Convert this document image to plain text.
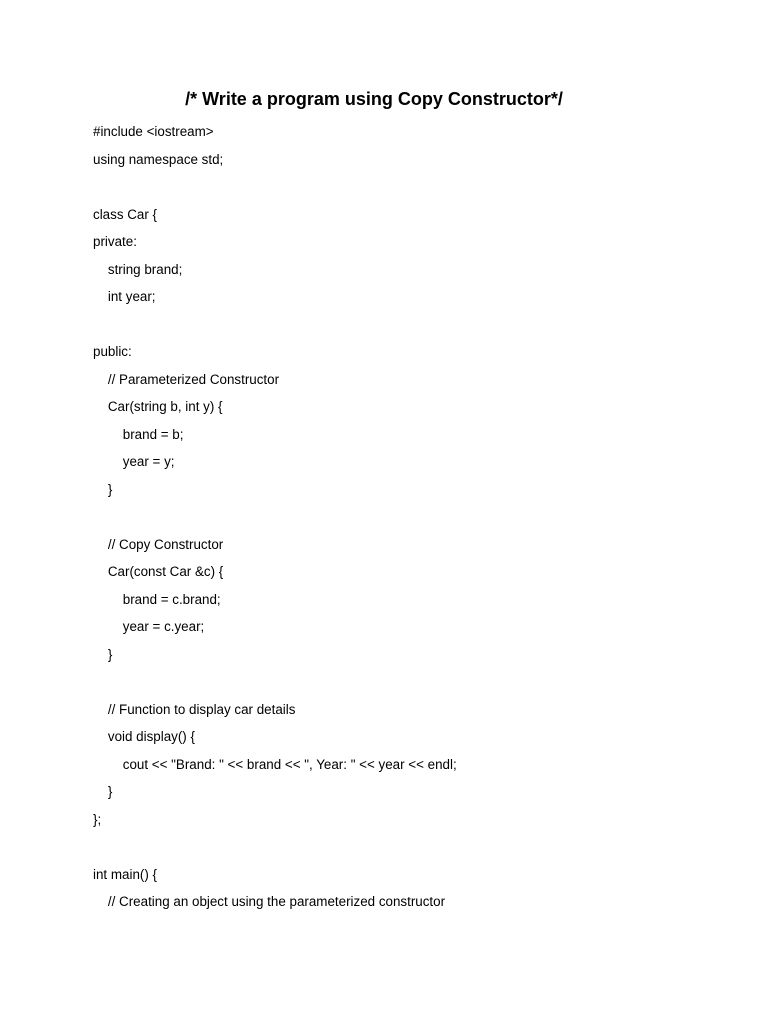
/* Write a program using Copy Constructor*/
#include <iostream>
using namespace std;
class Car {
private:
string brand;
int year;
public:
// Parameterized Constructor
Car(string b, int y) {
brand = b;
year = y;
}
// Copy Constructor
Car(const Car &c) {
brand = c.brand;
year = c.year;
}
// Function to display car details
void display() {
cout << "Brand: " << brand << ", Year: " << year << endl;
}
};
int main() {
// Creating an object using the parameterized constructor
